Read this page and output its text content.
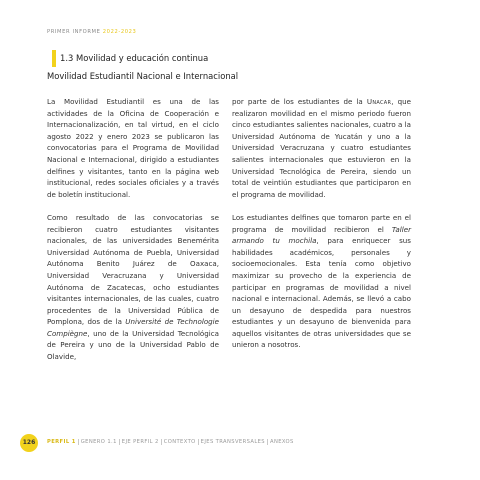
PRIMER INFORME 2022-2023
1.3 Movilidad y educación continua
Movilidad Estudiantil Nacional e Internacional

La Movilidad Estudiantil es una de las actividades de la Oficina de Cooperación e Internacionalización, en tal virtud, en el ciclo agosto 2022 y enero 2023 se publicaron las convocatorias para el Programa de Movilidad Nacional e Internacional, dirigido a estudiantes delfines y visitantes, tanto en la página web institucional, redes sociales oficiales y a través de boletín institucional.

Como resultado de las convocatorias se recibieron cuatro estudiantes visitantes nacionales, de las universidades Benemérita Universidad Autónoma de Puebla, Universidad Autónoma Benito Juárez de Oaxaca, Universidad Veracruzana y Universidad Autónoma de Zacatecas, ocho estudiantes visitantes internacionales, de las cuales, cuatro procedentes de la Universidad Pública de Pomplona, dos de la Université de Technologie Compiègne, uno de la Universidad Tecnológica de Pereira y uno de la Universidad Pablo de Olavide,

por parte de los estudiantes de la Unacar, que realizaron movilidad en el mismo periodo fueron cinco estudiantes salientes nacionales, cuatro a la Universidad Autónoma de Yucatán y uno a la Universidad Veracruzana y cuatro estudiantes salientes internacionales que estuvieron en la Universidad Tecnológica de Pereira, siendo un total de veintiún estudiantes que participaron en el programa de movilidad.

Los estudiantes delfines que tomaron parte en el programa de movilidad recibieron el Taller armando tu mochila, para enriquecer sus habilidades académicos, personales y socioemocionales. Esta tenía como objetivo maximizar su provecho de la experiencia de participar en programas de movilidad a nivel nacional e internacional. Además, se llevó a cabo un desayuno de despedida para nuestros estudiantes y un desayuno de bienvenida para aquellos visitantes de otras universidades que se unieron a nosotros.

126	PERFIL 1 GENERO 1.1 EJE PERFIL 2 CONTEXTO EJES TRANSVERSALES ANEXOS
